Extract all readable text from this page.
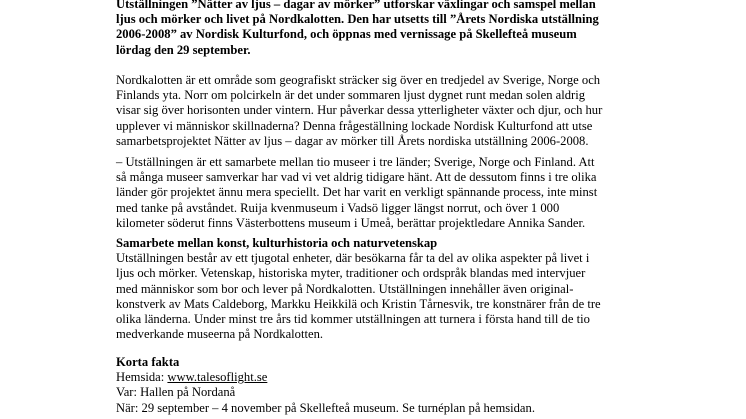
Utställningen ”Nätter av ljus – dagar av mörker” utforskar växlingar och samspel mellan
ljus och mörker och livet på Nordkalotten. Den har utsetts till ”Årets Nordiska utställning
2006-2008” av Nordisk Kulturfond, och öppnas med vernissage på Skellefteå museum
lördag den 29 september.
Nordkalotten är ett område som geografiskt sträcker sig över en tredjedel av Sverige, Norge och
Finlands yta. Norr om polcirkeln är det under sommaren ljust dygnet runt medan solen aldrig
visar sig över horisonten under vintern. Hur påverkar dessa ytterligheter växter och djur, och hur
upplever vi människor skillnaderna? Denna frågeställning lockade Nordisk Kulturfond att utse
samarbetsprojektet Nätter av ljus – dagar av mörker till Årets nordiska utställning 2006-2008.
– Utställningen är ett samarbete mellan tio museer i tre länder; Sverige, Norge och Finland. Att
så många museer samverkar har vad vi vet aldrig tidigare hänt. Att de dessutom finns i tre olika
länder gör projektet ännu mera speciellt. Det har varit en verkligt spännande process, inte minst
med tanke på avståndet. Ruija kvenmuseum i Vadsö ligger längst norrut, och över 1 000
kilometer söderut finns Västerbottens museum i Umeå, berättar projektledare Annika Sander.
Samarbete mellan konst, kulturhistoria och naturvetenskap
Utställningen består av ett tjugotal enheter, där besökarna får ta del av olika aspekter på livet i
ljus och mörker. Vetenskap, historiska myter, traditioner och ordspråk blandas med intervjuer
med människor som bor och lever på Nordkalotten. Utställningen innehåller även original-
konstverk av Mats Caldeborg, Markku Heikkilä och Kristin Tårnesvik, tre konstnärer från de tre
olika länderna. Under minst tre års tid kommer utställningen att turnera i första hand till de tio
medverkande museerna på Nordkalotten.
Korta fakta
Hemsida: www.talesoflight.se
Var: Hallen på Nordanå
När: 29 september – 4 november på Skellefteå museum. Se turnéplan på hemsidan.
